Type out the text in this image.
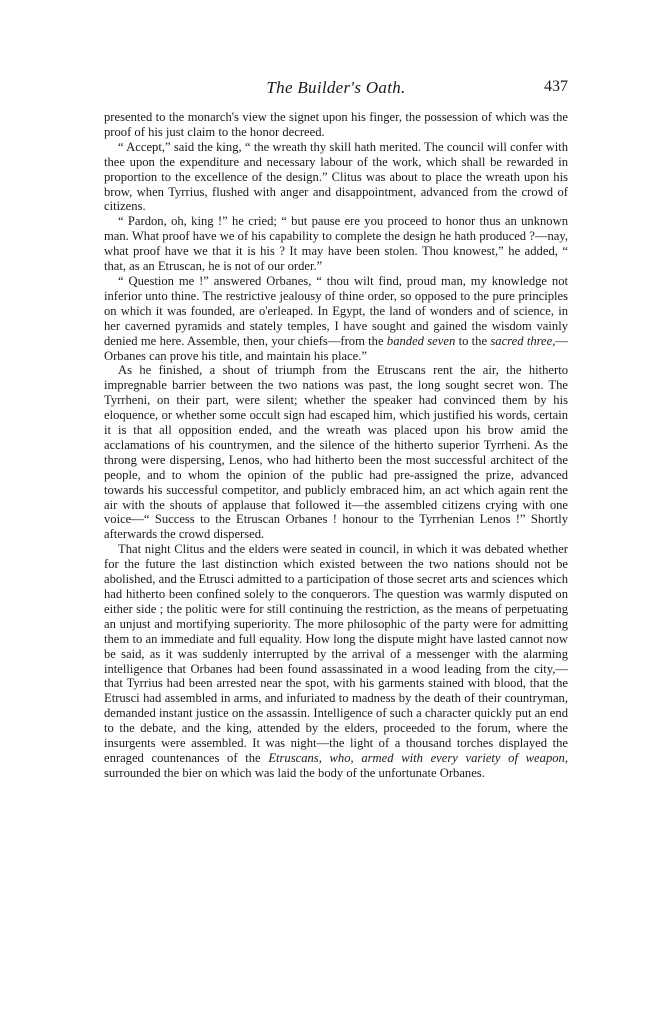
The Builder's Oath.	437

presented to the monarch's view the signet upon his finger, the possession of which was the proof of his just claim to the honor decreed.

“ Accept,” said the king, “ the wreath thy skill hath merited. The council will confer with thee upon the expenditure and necessary labour of the work, which shall be rewarded in proportion to the excellence of the design.” Clitus was about to place the wreath upon his brow, when Tyrrius, flushed with anger and disappointment, advanced from the crowd of citizens.

“ Pardon, oh, king !” he cried; “ but pause ere you proceed to honor thus an unknown man. What proof have we of his capability to complete the design he hath produced ?—nay, what proof have we that it is his ? It may have been stolen. Thou knowest,” he added, “ that, as an Etruscan, he is not of our order.”

“ Question me !” answered Orbanes, “ thou wilt find, proud man, my knowledge not inferior unto thine. The restrictive jealousy of thine order, so opposed to the pure principles on which it was founded, are o'erleaped. In Egypt, the land of wonders and of science, in her caverned pyramids and stately temples, I have sought and gained the wisdom vainly denied me here. Assemble, then, your chiefs—from the banded seven to the sacred three,—Orbanes can prove his title, and maintain his place.”

As he finished, a shout of triumph from the Etruscans rent the air, the hitherto impregnable barrier between the two nations was past, the long sought secret won. The Tyrrheni, on their part, were silent; whether the speaker had convinced them by his eloquence, or whether some occult sign had escaped him, which justified his words, certain it is that all opposition ended, and the wreath was placed upon his brow amid the acclamations of his countrymen, and the silence of the hitherto superior Tyrrheni. As the throng were dispersing, Lenos, who had hitherto been the most successful architect of the people, and to whom the opinion of the public had pre-assigned the prize, advanced towards his successful competitor, and publicly embraced him, an act which again rent the air with the shouts of applause that followed it—the assembled citizens crying with one voice—“ Success to the Etruscan Orbanes ! honour to the Tyrrhenian Lenos !” Shortly afterwards the crowd dispersed.

That night Clitus and the elders were seated in council, in which it was debated whether for the future the last distinction which existed between the two nations should not be abolished, and the Etrusci admitted to a participation of those secret arts and sciences which had hitherto been confined solely to the conquerors. The question was warmly disputed on either side ; the politic were for still continuing the restriction, as the means of perpetuating an unjust and mortifying superiority. The more philosophic of the party were for admitting them to an immediate and full equality. How long the dispute might have lasted cannot now be said, as it was suddenly interrupted by the arrival of a messenger with the alarming intelligence that Orbanes had been found assassinated in a wood leading from the city,—that Tyrrius had been arrested near the spot, with his garments stained with blood, that the Etrusci had assembled in arms, and infuriated to madness by the death of their countryman, demanded instant justice on the assassin. Intelligence of such a character quickly put an end to the debate, and the king, attended by the elders, proceeded to the forum, where the insurgents were assembled. It was night—the light of a thousand torches displayed the enraged countenances of the Etruscans, who, armed with every variety of weapon, surrounded the bier on which was laid the body of the unfortunate Orbanes.
